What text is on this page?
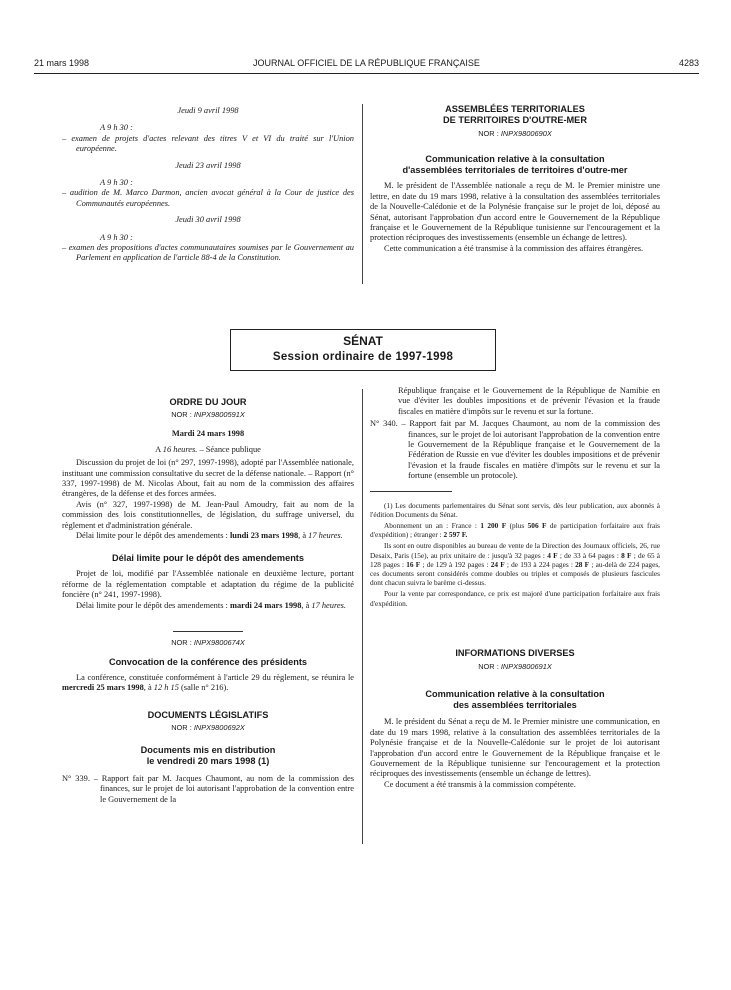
21 mars 1998	JOURNAL OFFICIEL DE LA RÉPUBLIQUE FRANÇAISE	4283

Jeudi 9 avril 1998

A 9 h 30 :

– examen de projets d'actes relevant des titres V et VI du traité sur l'Union européenne.

Jeudi 23 avril 1998

A 9 h 30 :

– audition de M. Marco Darmon, ancien avocat général à la Cour de justice des Communautés européennes.

Jeudi 30 avril 1998

A 9 h 30 :

– examen des propositions d'actes communautaires soumises par le Gouvernement au Parlement en application de l'article 88-4 de la Constitution.

ASSEMBLÉES TERRITORIALES

DE TERRITOIRES D'OUTRE-MER

NOR : INPX9800690X

Communication relative à la consultation

d'assemblées territoriales de territoires d'outre-mer

M. le président de l'Assemblée nationale a reçu de M. le Premier ministre une lettre, en date du 19 mars 1998, relative à la consultation des assemblées territoriales de la Nouvelle-Calédonie et de la Polynésie française sur le projet de loi, déposé au Sénat, autorisant l'approbation d'un accord entre le Gouvernement de la République française et le Gouvernement de la République tunisienne sur l'encouragement et la protection réciproques des investissements (ensemble un échange de lettres).

Cette communication a été transmise à la commission des affaires étrangères.

SÉNAT
Session ordinaire de 1997-1998

ORDRE DU JOUR

NOR : INPX9800591X

Mardi 24 mars 1998

A 16 heures. – Séance publique

Discussion du projet de loi (n° 297, 1997-1998), adopté par l'Assemblée nationale, instituant une commission consultative du secret de la défense nationale. – Rapport (n° 337, 1997-1998) de M. Nicolas About, fait au nom de la commission des affaires étrangères, de la défense et des forces armées.

Avis (n° 327, 1997-1998) de M. Jean-Paul Amoudry, fait au nom de la commission des lois constitutionnelles, de législation, du suffrage universel, du règlement et d'administration générale.

Délai limite pour le dépôt des amendements : lundi 23 mars 1998, à 17 heures.

Délai limite pour le dépôt des amendements

Projet de loi, modifié par l'Assemblée nationale en deuxième lecture, portant réforme de la réglementation comptable et adaptation du régime de la publicité foncière (n° 241, 1997-1998).

Délai limite pour le dépôt des amendements : mardi 24 mars 1998, à 17 heures.

NOR : INPX9800674X

Convocation de la conférence des présidents

La conférence, constituée conformément à l'article 29 du règlement, se réunira le mercredi 25 mars 1998, à 12 h 15 (salle n° 216).

DOCUMENTS LÉGISLATIFS

NOR : INPX9800692X

Documents mis en distribution

le vendredi 20 mars 1998 (1)

N° 339. – Rapport fait par M. Jacques Chaumont, au nom de la commission des finances, sur le projet de loi autorisant l'approbation de la convention entre le Gouvernement de la

République française et le Gouvernement de la République de Namibie en vue d'éviter les doubles impositions et de prévenir l'évasion et la fraude fiscales en matière d'impôts sur le revenu et sur la fortune.

N° 340. – Rapport fait par M. Jacques Chaumont, au nom de la commission des finances, sur le projet de loi autorisant l'approbation de la convention entre le Gouvernement de la République française et le Gouvernement de la Fédération de Russie en vue d'éviter les doubles impositions et de prévenir l'évasion et la fraude fiscales en matière d'impôts sur le revenu et sur la fortune (ensemble un protocole).

(1) Les documents parlementaires du Sénat sont servis, dès leur publication, aux abonnés à l'édition Documents du Sénat.

Abonnement un an : France : 1 200 F (plus 506 F de participation forfaitaire aux frais d'expédition) ; étranger : 2 597 F.

Ils sont en outre disponibles au bureau de vente de la Direction des Journaux officiels, 26, rue Desaix, Paris (15e), au prix unitaire de : jusqu'à 32 pages : 4 F ; de 33 à 64 pages : 8 F ; de 65 à 128 pages : 16 F ; de 129 à 192 pages : 24 F ; de 193 à 224 pages : 28 F ; au-delà de 224 pages, ces documents seront considérés comme doubles ou triples et composés de plusieurs fascicules dont chacun suivra le barème ci-dessus.

Pour la vente par correspondance, ce prix est majoré d'une participation forfaitaire aux frais d'expédition.

INFORMATIONS DIVERSES

NOR : INPX9800691X

Communication relative à la consultation

des assemblées territoriales

M. le président du Sénat a reçu de M. le Premier ministre une communication, en date du 19 mars 1998, relative à la consultation des assemblées territoriales de la Polynésie française et de la Nouvelle-Calédonie sur le projet de loi autorisant l'approbation d'un accord entre le Gouvernement de la République française et le Gouvernement de la République tunisienne sur l'encouragement et la protection réciproques des investissements (ensemble un échange de lettres).

Ce document a été transmis à la commission compétente.
